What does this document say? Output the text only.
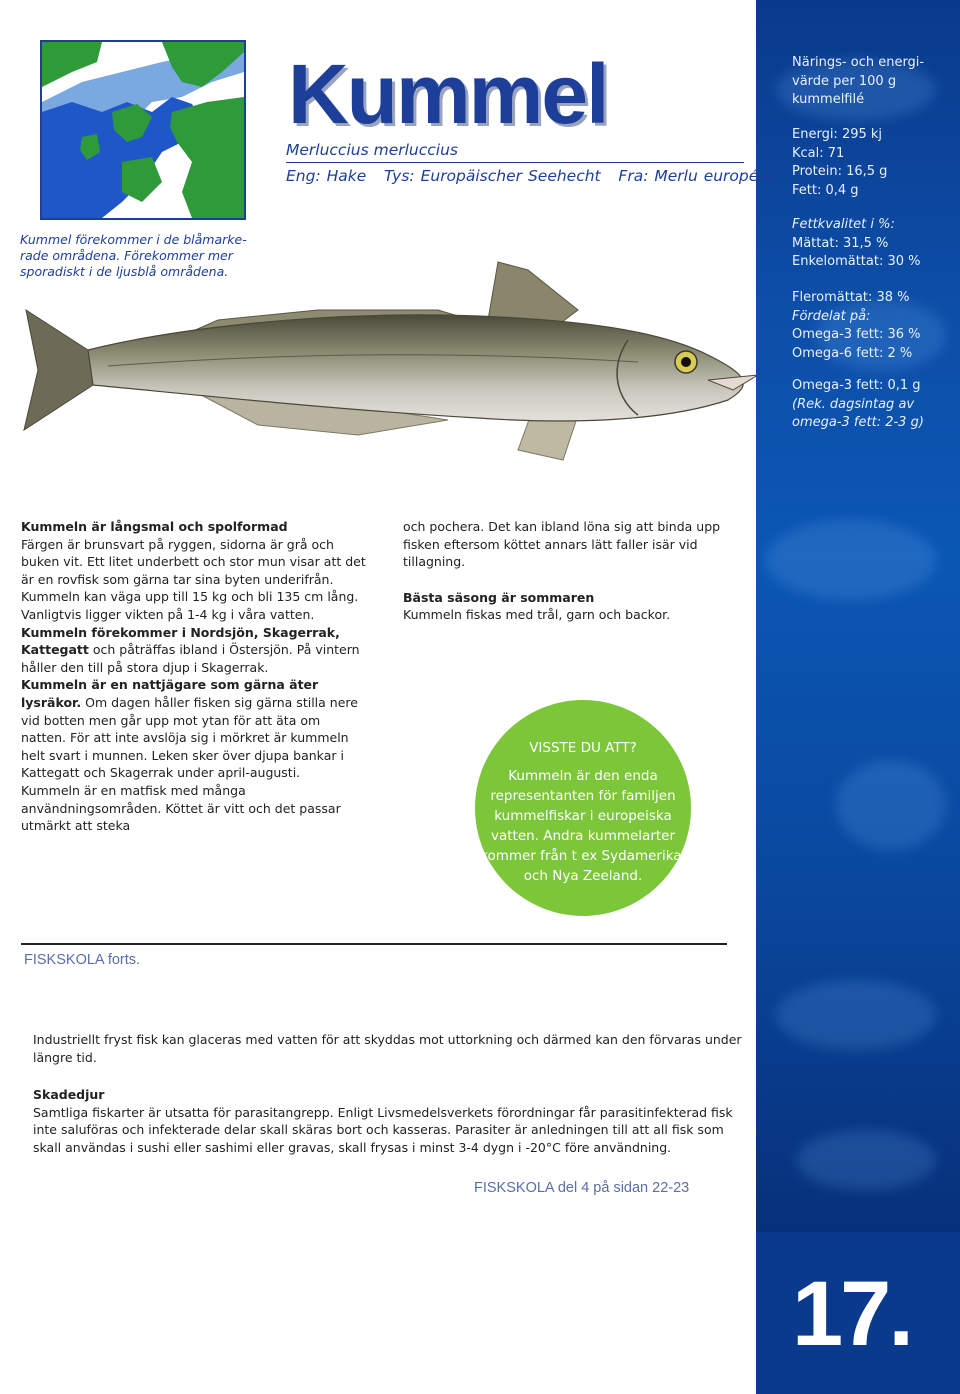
17.
Närings- och energi-
värde per 100 g
kummelfilé
Energi: 295 kj
Kcal: 71
Protein: 16,5 g
Fett: 0,4 g
Fettkvalitet i %:
Mättat: 31,5 %
Enkelomättat: 30 %
Fleromättat: 38 %
Fördelat på:
Omega-3 fett: 36 %
Omega-6 fett: 2 %
Omega-3 fett: 0,1 g
(Rek. dagsintag av
omega-3 fett: 2-3 g)
Kummel förekommer i de blåmarke-rade områdena. Förekommer mer sporadiskt i de ljusblå områdena.
Kummel
Merluccius merluccius
Eng: Hake   Tys: Europäischer Seehecht   Fra: Merlu européen

Kummeln är långsmal och spolformad

Färgen är brunsvart på ryggen, sidorna är grå och buken vit. Ett litet underbett och stor mun visar att det är en rovfisk som gärna tar sina byten underifrån. Kummeln kan väga upp till 15 kg och bli 135 cm lång. Vanligtvis ligger vikten på 1-4 kg i våra vatten.

Kummeln förekommer i Nordsjön, Skagerrak, Kattegatt och påträffas ibland i Östersjön. På vintern håller den till på stora djup i Skagerrak.

Kummeln är en nattjägare som gärna äter lysräkor. Om dagen håller fisken sig gärna stilla nere vid botten men går upp mot ytan för att äta om natten. För att inte avslöja sig i mörkret är kummeln helt svart i munnen. Leken sker över djupa bankar i Kattegatt och Skagerrak under april-augusti.

Kummeln är en matfisk med många användningsområden. Köttet är vitt och det passar utmärkt att steka

och pochera. Det kan ibland löna sig att binda upp fisken eftersom köttet annars lätt faller isär vid tillagning.

Bästa säsong är sommaren

Kummeln fiskas med trål, garn och backor.

VISSTE DU ATT?
Kummeln är den enda representanten för familjen kummelfiskar i europeiska vatten. Andra kummelarter kommer från t ex Sydamerika, och Nya Zeeland.
FISKSKOLA forts.

Industriellt fryst fisk kan glaceras med vatten för att skyddas mot uttorkning och därmed kan den förvaras under längre tid.

Skadedjur
Samtliga fiskarter är utsatta för parasitangrepp. Enligt Livsmedelsverkets förordningar får parasitinfekterad fisk inte saluföras och infekterade delar skall skäras bort och kasseras. Parasiter är anledningen till att all fisk som skall användas i sushi eller sashimi eller gravas, skall frysas i minst 3-4 dygn i -20°C före användning.

FISKSKOLA del 4 på sidan 22-23
